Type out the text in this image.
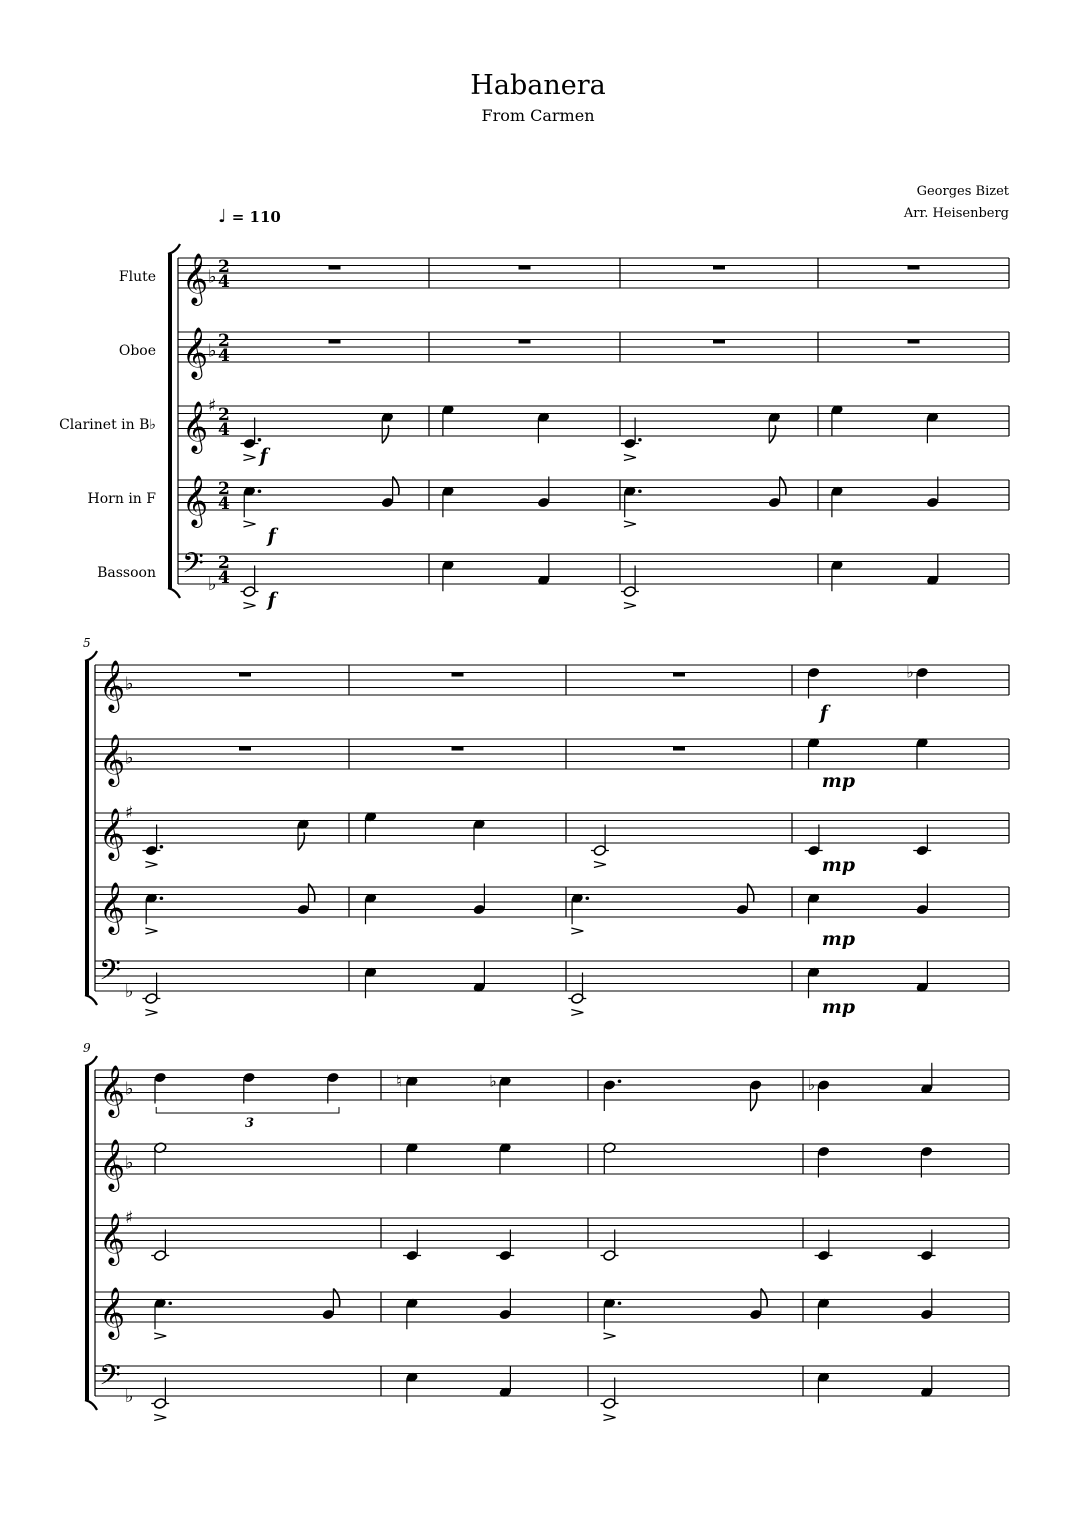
Habanera
From Carmen
Georges Bizet
Arr. Heisenberg
♩ = 110
Flute
Oboe
Clarinet in B♭
Horn in F
Bassoon
𝄞 ♭ 2
4
𝄞 ♭ 2
4
𝄞 ♯ 2
4
𝄞 2
4
𝄢 ♭
2
4
𝄞 ♭
𝄞 ♭
𝄞 ♯
𝄞
𝄢 ♭
5
𝄞 ♭
𝄞 ♭
𝄞 ♯
𝄞
𝄢 ♭
9
f
f
f
♭
f
mp
mp
mp
mp
3
♮	♭	♭
